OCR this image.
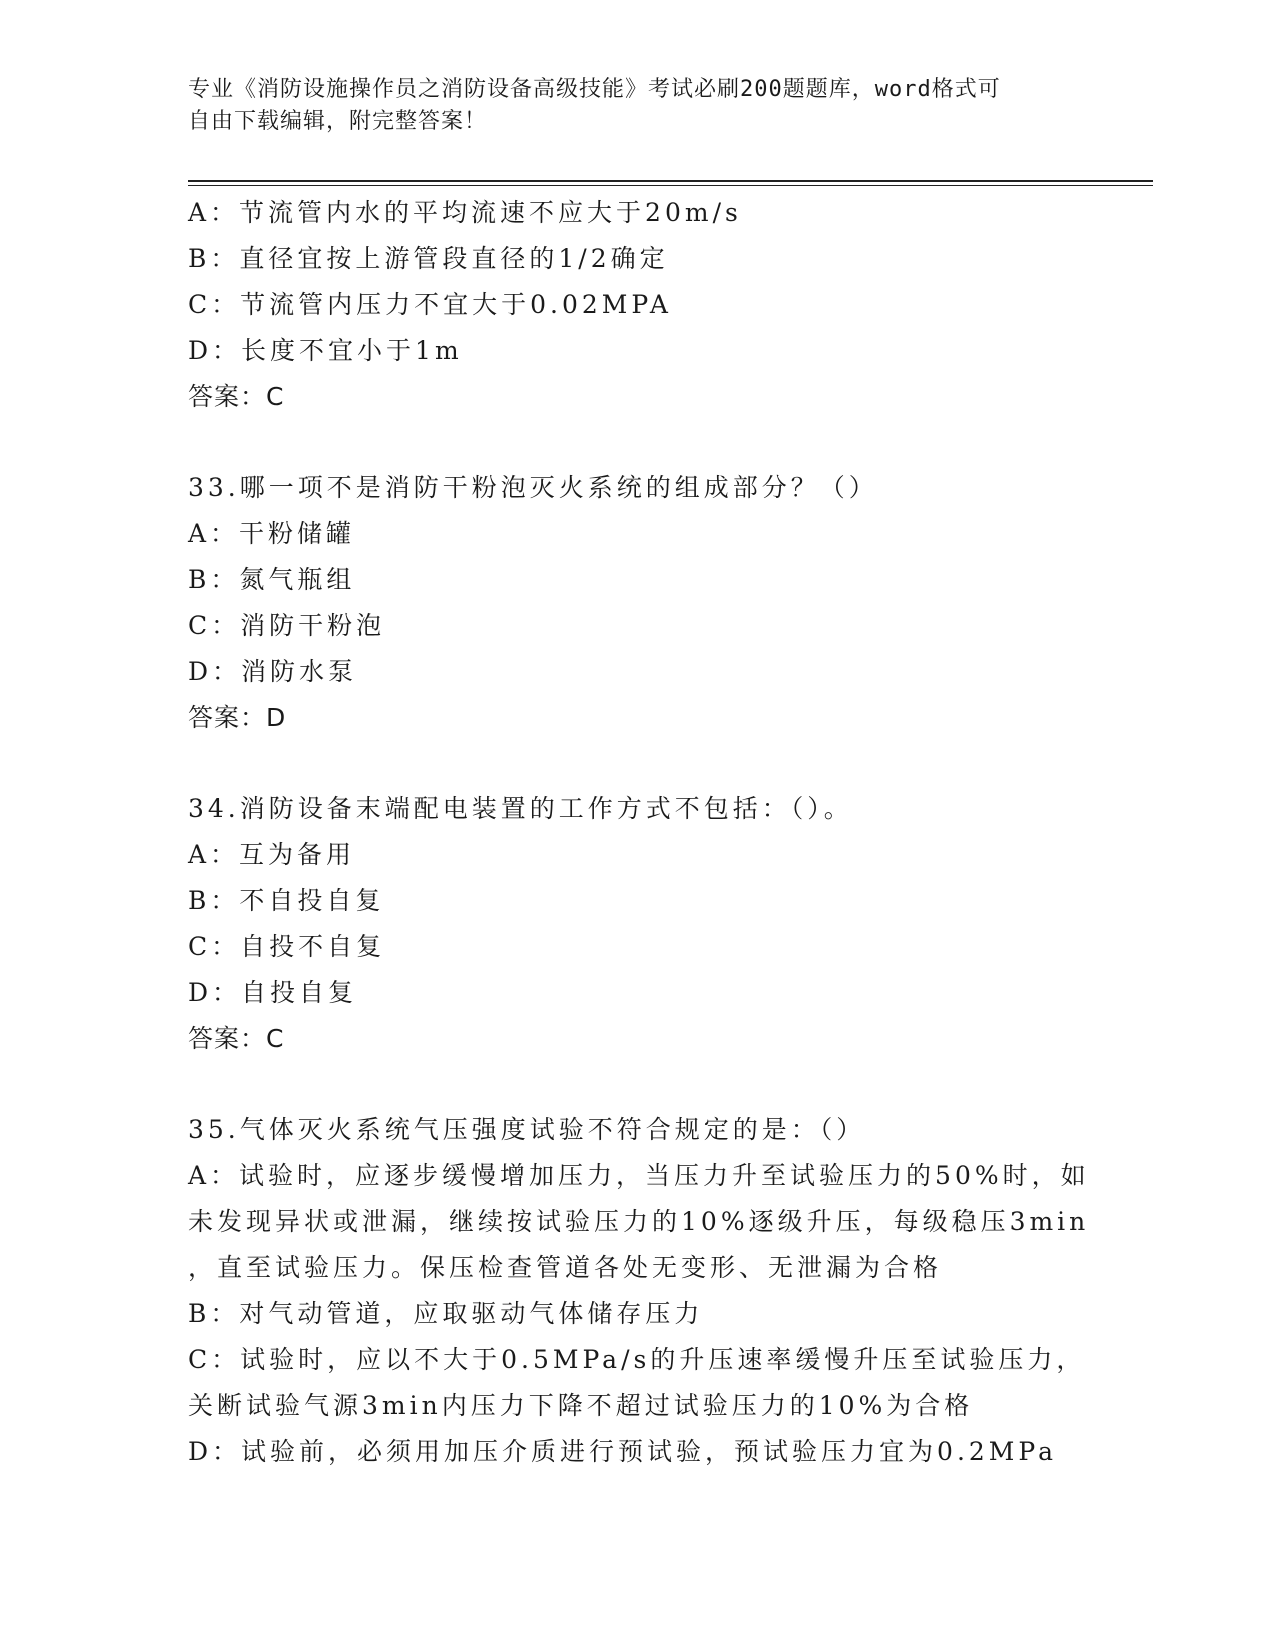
专业《消防设施操作员之消防设备高级技能》考试必刷200题题库，word格式可
自由下载编辑，附完整答案！
A：节流管内水的平均流速不应大于20m/s
B：直径宜按上游管段直径的1/2确定
C：节流管内压力不宜大于0.02MPA
D：长度不宜小于1m
答案：C
33.哪一项不是消防干粉泡灭火系统的组成部分？（）
A：干粉储罐
B：氮气瓶组
C：消防干粉泡
D：消防水泵
答案：D
34.消防设备末端配电装置的工作方式不包括：（）。
A：互为备用
B：不自投自复
C：自投不自复
D：自投自复
答案：C
35.气体灭火系统气压强度试验不符合规定的是：（）
A：试验时，应逐步缓慢增加压力，当压力升至试验压力的50%时，如
未发现异状或泄漏，继续按试验压力的10%逐级升压，每级稳压3min
，直至试验压力。保压检查管道各处无变形、无泄漏为合格
B：对气动管道，应取驱动气体储存压力
C：试验时，应以不大于0.5MPa/s的升压速率缓慢升压至试验压力，
关断试验气源3min内压力下降不超过试验压力的10%为合格
D：试验前，必须用加压介质进行预试验，预试验压力宜为0.2MPa
